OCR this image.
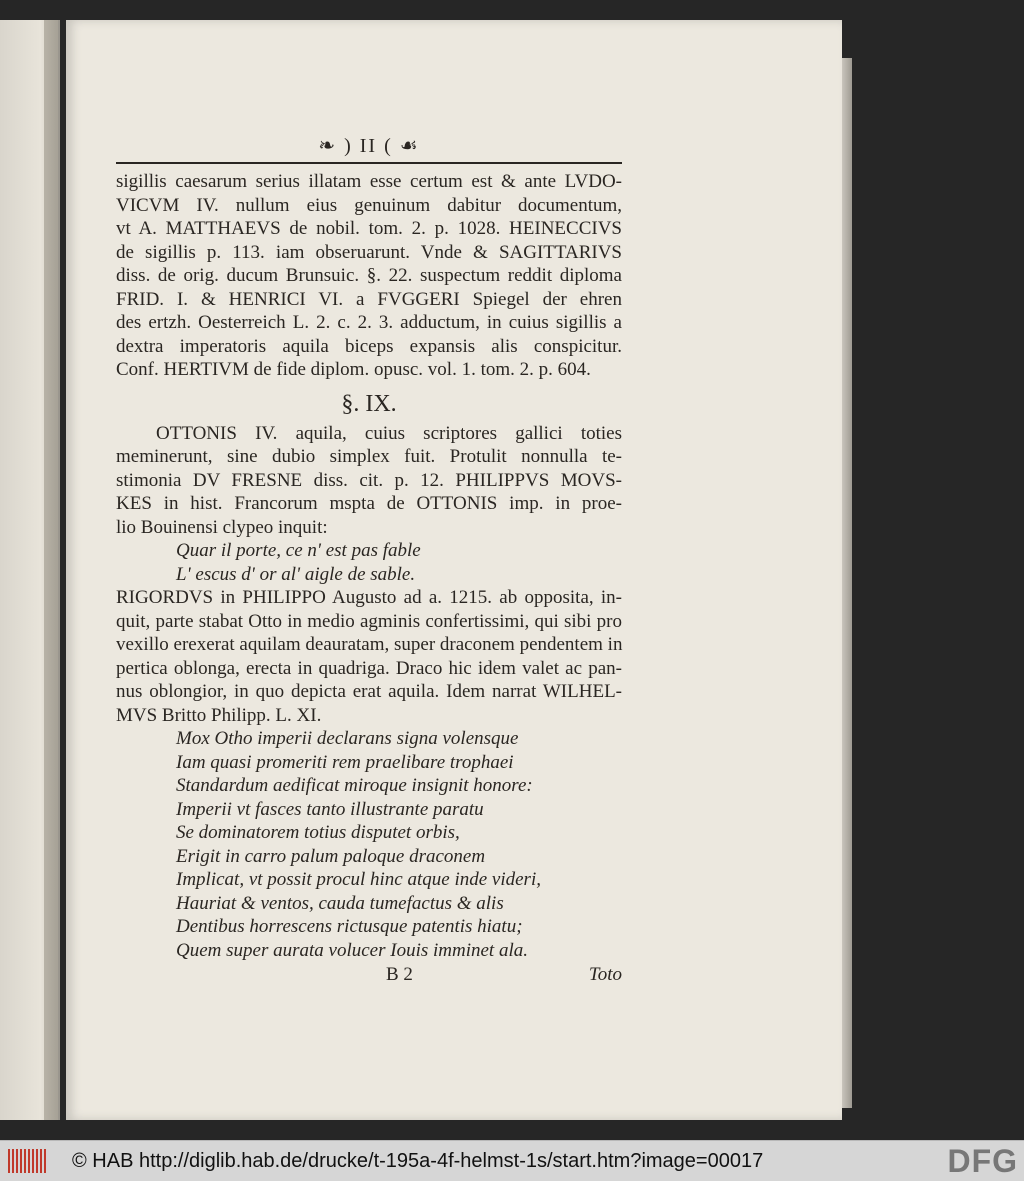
❧ ) II ( ☙
sigillis caesarum serius illatam esse certum est & ante LVDO-
VICVM IV. nullum eius genuinum dabitur documentum,
vt A. MATTHAEVS de nobil. tom. 2. p. 1028. HEINECCIVS
de sigillis p. 113. iam obseruarunt. Vnde & SAGITTARIVS
diss. de orig. ducum Brunsuic. §. 22. suspectum reddit diploma
FRID. I. & HENRICI VI. a FVGGERI Spiegel der ehren
des ertzh. Oesterreich L. 2. c. 2. 3. adductum, in cuius sigillis a
dextra imperatoris aquila biceps expansis alis conspicitur.
Conf. HERTIVM de fide diplom. opusc. vol. 1. tom. 2. p. 604.
§. IX.
OTTONIS IV. aquila, cuius scriptores gallici toties
meminerunt, sine dubio simplex fuit. Protulit nonnulla te-
stimonia DV FRESNE diss. cit. p. 12. PHILIPPVS MOVS-
KES in hist. Francorum mspta de OTTONIS imp. in proe-
lio Bouinensi clypeo inquit:
Quar il porte, ce n' est pas fable
L' escus d' or al' aigle de sable.
RIGORDVS in PHILIPPO Augusto ad a. 1215. ab opposita, in-
quit, parte stabat Otto in medio agminis confertissimi, qui sibi pro
vexillo erexerat aquilam deauratam, super draconem pendentem in
pertica oblonga, erecta in quadriga. Draco hic idem valet ac pan-
nus oblongior, in quo depicta erat aquila. Idem narrat WILHEL-
MVS Britto Philipp. L. XI.
Mox Otho imperii declarans signa volensque
Iam quasi promeriti rem praelibare trophaei
Standardum aedificat miroque insignit honore:
Imperii vt fasces tanto illustrante paratu
Se dominatorem totius disputet orbis,
Erigit in carro palum paloque draconem
Implicat, vt possit procul hinc atque inde videri,
Hauriat & ventos, cauda tumefactus & alis
Dentibus horrescens rictusque patentis hiatu;
Quem super aurata volucer Iouis imminet ala.
B 2	Toto
© HAB http://diglib.hab.de/drucke/t-195a-4f-helmst-1s/start.htm?image=00017	DFG
